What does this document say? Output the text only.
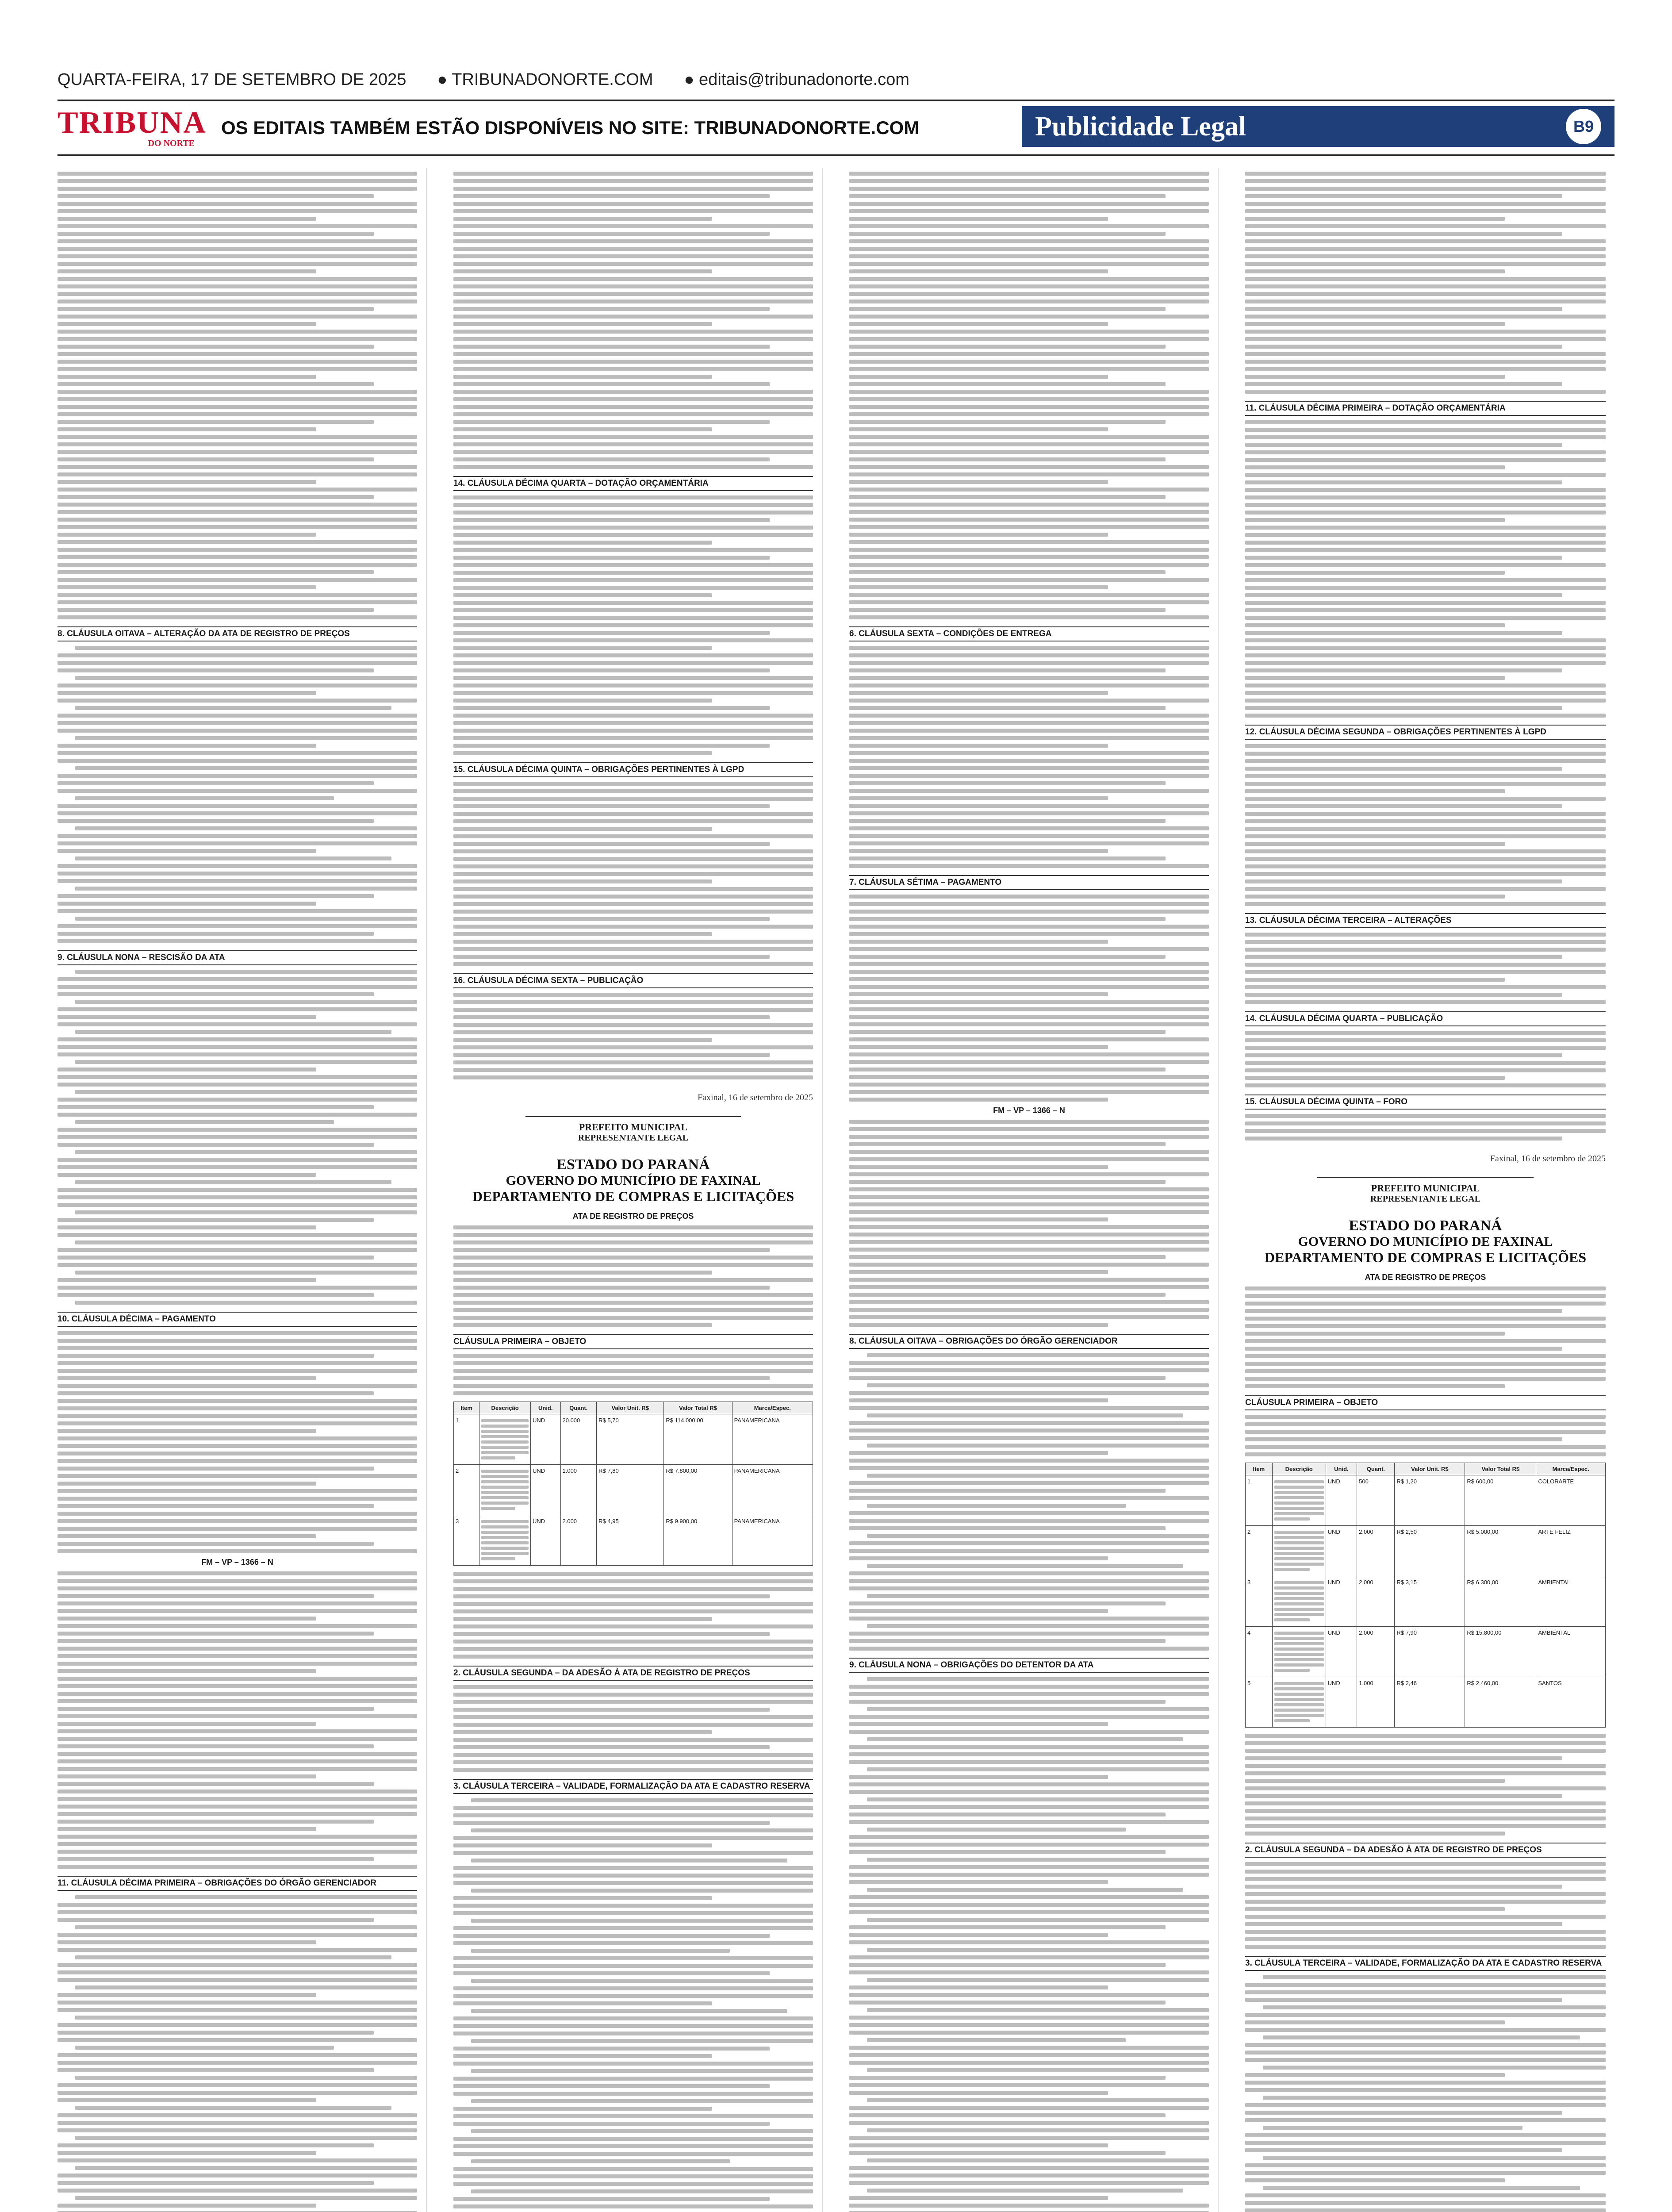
QUARTA-FEIRA, 17 DE SETEMBRO DE 2025 ● TRIBUNADONORTE.COM ● editais@tribunadonorte.com
TRIBUNA
DO NORTE
OS EDITAIS TAMBÉM ESTÃO DISPONÍVEIS NO SITE: TRIBUNADONORTE.COM	Publicidade Legal	B9
8. CLÁUSULA OITAVA – ALTERAÇÃO DA ATA DE REGISTRO DE PREÇOS
9. CLÁUSULA NONA – RESCISÃO DA ATA
10. CLÁUSULA DÉCIMA – PAGAMENTO
FM – VP – 1366 – N
11. CLÁUSULA DÉCIMA PRIMEIRA – OBRIGAÇÕES DO ÓRGÃO GERENCIADOR
14. CLÁUSULA DÉCIMA QUARTA – DOTAÇÃO ORÇAMENTÁRIA
15. CLÁUSULA DÉCIMA QUINTA – OBRIGAÇÕES PERTINENTES À LGPD
16. CLÁUSULA DÉCIMA SEXTA – PUBLICAÇÃO
Faxinal, 16 de setembro de 2025
PREFEITO MUNICIPAL
REPRESENTANTE LEGAL
ESTADO DO PARANÁ
GOVERNO DO MUNICÍPIO DE FAXINAL
DEPARTAMENTO DE COMPRAS E LICITAÇÕES
ATA DE REGISTRO DE PREÇOS
CLÁUSULA PRIMEIRA – OBJETO
Item	Descrição	Unid.	Quant.	Valor Unit. R$	Valor Total R$	Marca/Espec.
1		UND	20.000	R$ 5,70	R$ 114.000,00	PANAMERICANA
2		UND	1.000	R$ 7,80	R$ 7.800,00	PANAMERICANA
3		UND	2.000	R$ 4,95	R$ 9.900,00	PANAMERICANA
2. CLÁUSULA SEGUNDA – DA ADESÃO À ATA DE REGISTRO DE PREÇOS
3. CLÁUSULA TERCEIRA – VALIDADE, FORMALIZAÇÃO DA ATA E CADASTRO RESERVA
6. CLÁUSULA SEXTA – CONDIÇÕES DE ENTREGA
7. CLÁUSULA SÉTIMA – PAGAMENTO
FM – VP – 1366 – N
8. CLÁUSULA OITAVA – OBRIGAÇÕES DO ÓRGÃO GERENCIADOR
9. CLÁUSULA NONA – OBRIGAÇÕES DO DETENTOR DA ATA
11. CLÁUSULA DÉCIMA PRIMEIRA – DOTAÇÃO ORÇAMENTÁRIA
12. CLÁUSULA DÉCIMA SEGUNDA – OBRIGAÇÕES PERTINENTES À LGPD
13. CLÁUSULA DÉCIMA TERCEIRA – ALTERAÇÕES
14. CLÁUSULA DÉCIMA QUARTA – PUBLICAÇÃO
15. CLÁUSULA DÉCIMA QUINTA – FORO
Faxinal, 16 de setembro de 2025
PREFEITO MUNICIPAL
REPRESENTANTE LEGAL
ESTADO DO PARANÁ
GOVERNO DO MUNICÍPIO DE FAXINAL
DEPARTAMENTO DE COMPRAS E LICITAÇÕES
ATA DE REGISTRO DE PREÇOS
CLÁUSULA PRIMEIRA – OBJETO
Item	Descrição	Unid.	Quant.	Valor Unit. R$	Valor Total R$	Marca/Espec.
1		UND	500	R$ 1,20	R$ 600,00	COLORARTE
2		UND	2.000	R$ 2,50	R$ 5.000,00	ARTE FELIZ
3		UND	2.000	R$ 3,15	R$ 6.300,00	AMBIENTAL
4		UND	2.000	R$ 7,90	R$ 15.800,00	AMBIENTAL
5		UND	1.000	R$ 2,46	R$ 2.460,00	SANTOS
2. CLÁUSULA SEGUNDA – DA ADESÃO À ATA DE REGISTRO DE PREÇOS
3. CLÁUSULA TERCEIRA – VALIDADE, FORMALIZAÇÃO DA ATA E CADASTRO RESERVA
